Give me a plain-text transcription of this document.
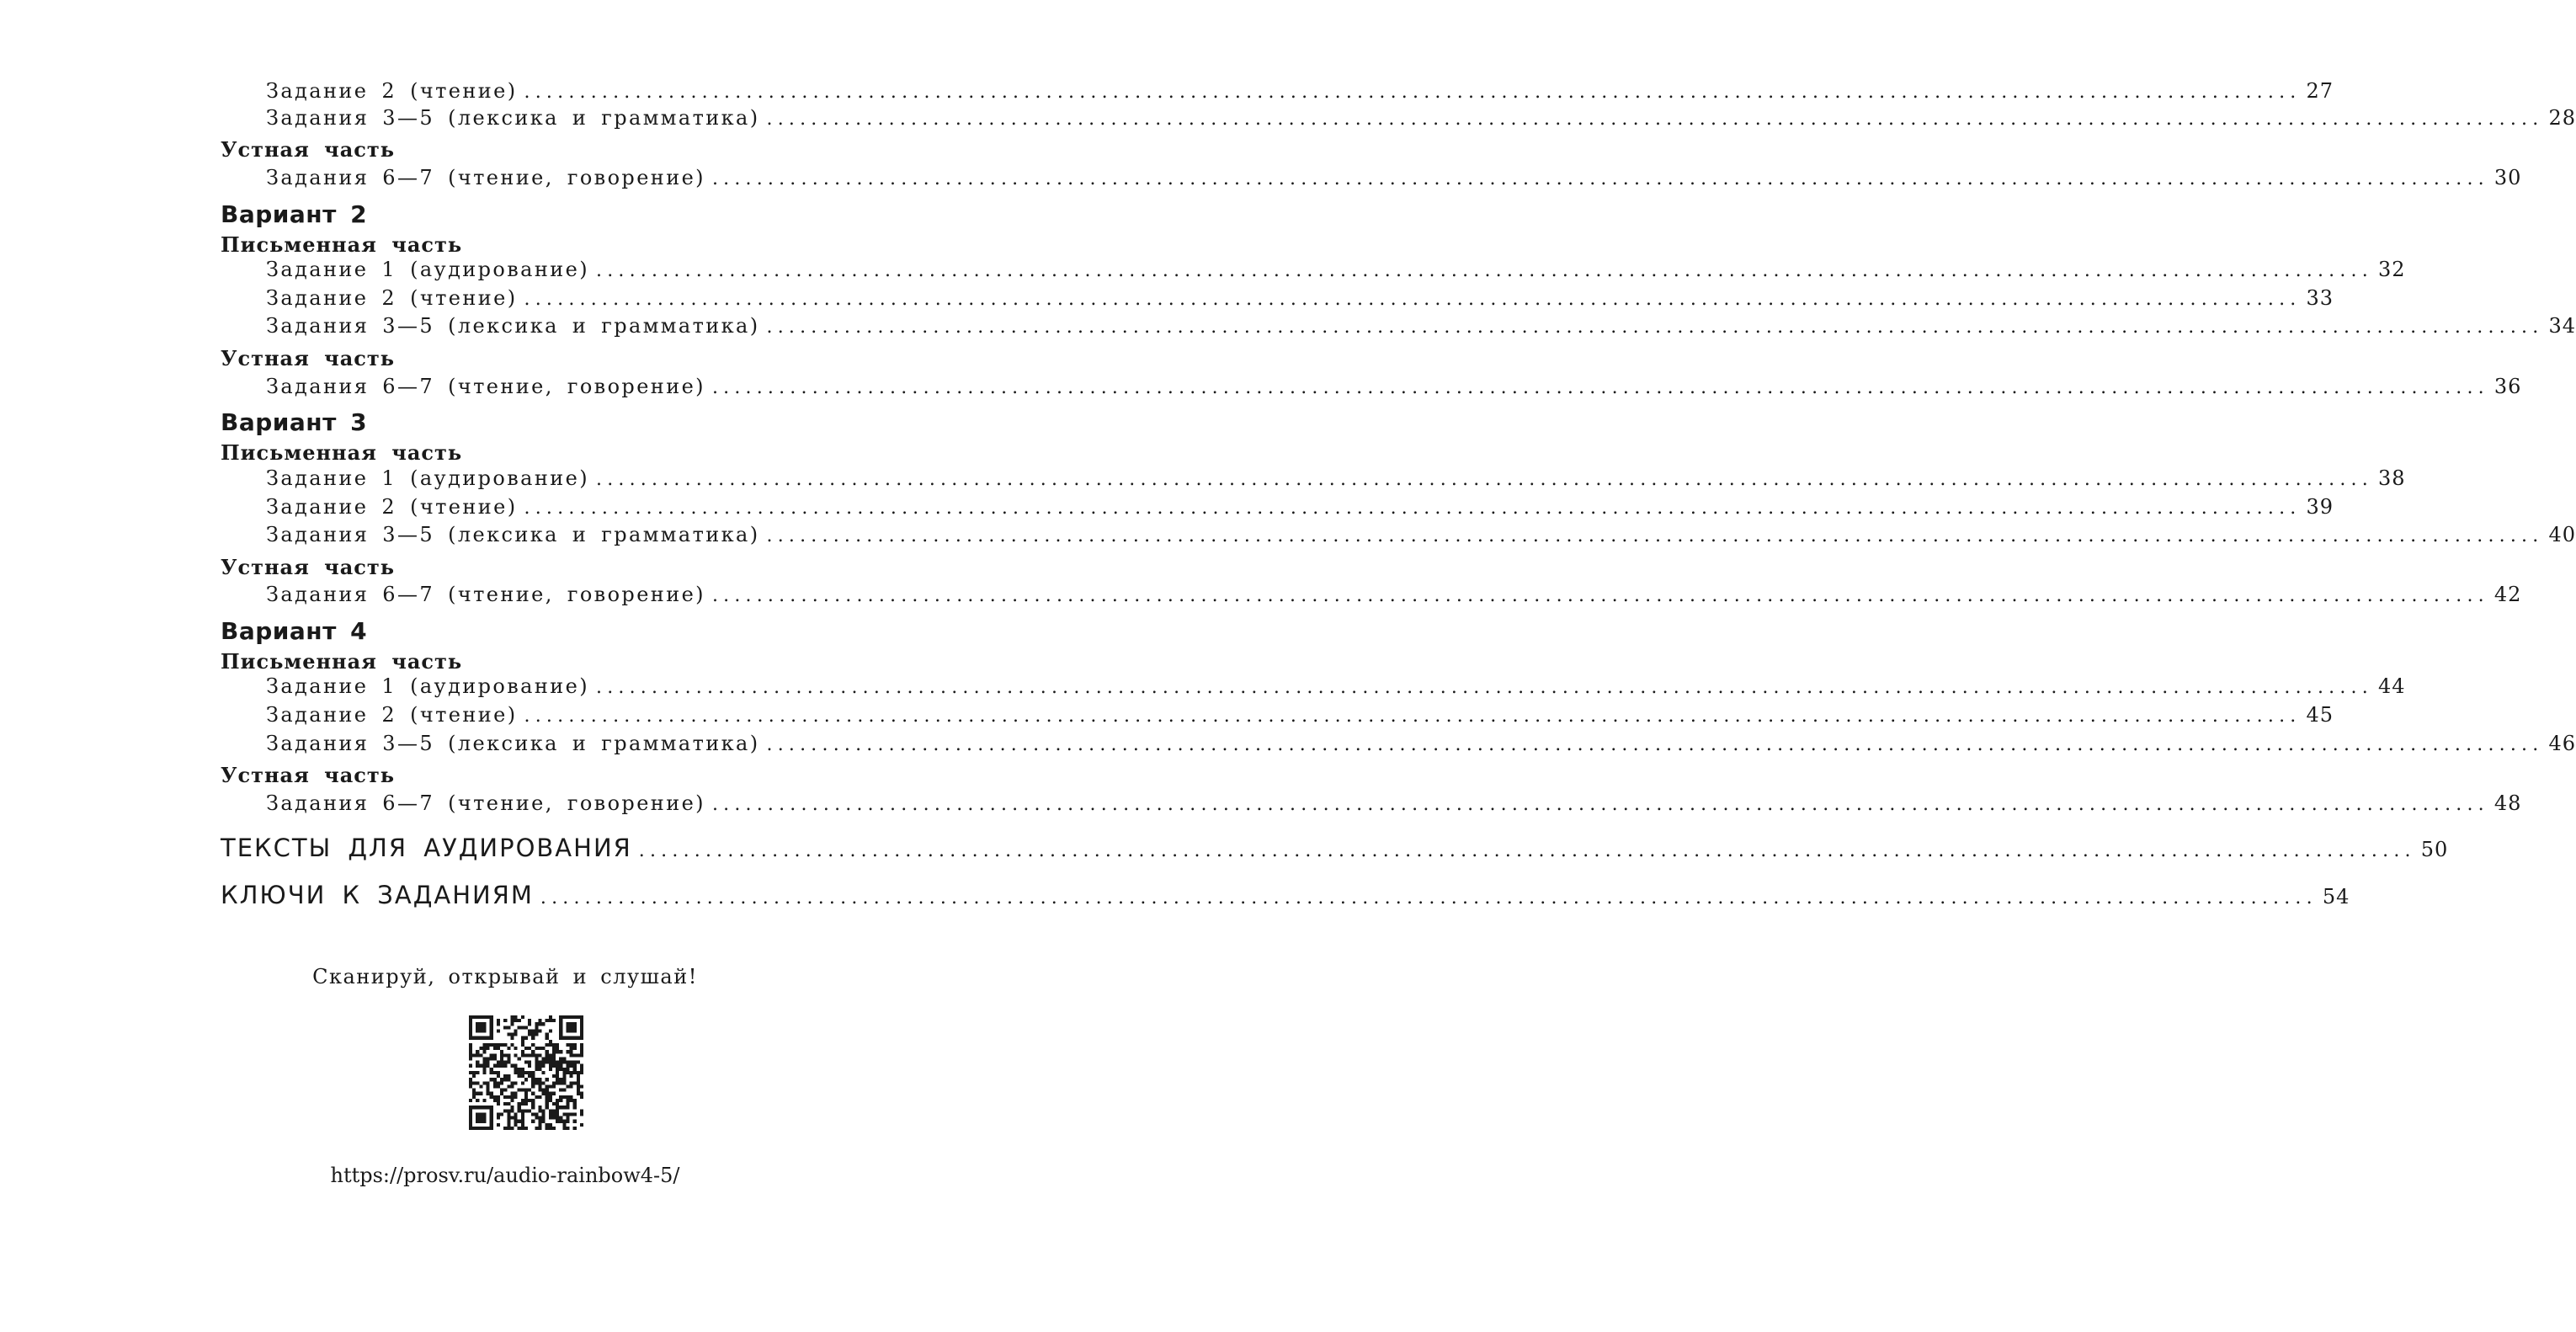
Задание 2 (чтение) ................................................................................................................................................................ 27
Задания 3—5 (лексика и грамматика) ................................................................................................................................................................ 28
Устная часть
Задания 6—7 (чтение, говорение) ................................................................................................................................................................ 30
Вариант 2
Письменная часть
Задание 1 (аудирование) ................................................................................................................................................................ 32
Задание 2 (чтение) ................................................................................................................................................................ 33
Задания 3—5 (лексика и грамматика) ................................................................................................................................................................ 34
Устная часть
Задания 6—7 (чтение, говорение) ................................................................................................................................................................ 36
Вариант 3
Письменная часть
Задание 1 (аудирование) ................................................................................................................................................................ 38
Задание 2 (чтение) ................................................................................................................................................................ 39
Задания 3—5 (лексика и грамматика) ................................................................................................................................................................ 40
Устная часть
Задания 6—7 (чтение, говорение) ................................................................................................................................................................ 42
Вариант 4
Письменная часть
Задание 1 (аудирование) ................................................................................................................................................................ 44
Задание 2 (чтение) ................................................................................................................................................................ 45
Задания 3—5 (лексика и грамматика) ................................................................................................................................................................ 46
Устная часть
Задания 6—7 (чтение, говорение) ................................................................................................................................................................ 48
ТЕКСТЫ ДЛЯ АУДИРОВАНИЯ ................................................................................................................................................................ 50
КЛЮЧИ К ЗАДАНИЯМ ................................................................................................................................................................ 54
Сканируй, открывай и слушай!
https://prosv.ru/audio-rainbow4-5/
